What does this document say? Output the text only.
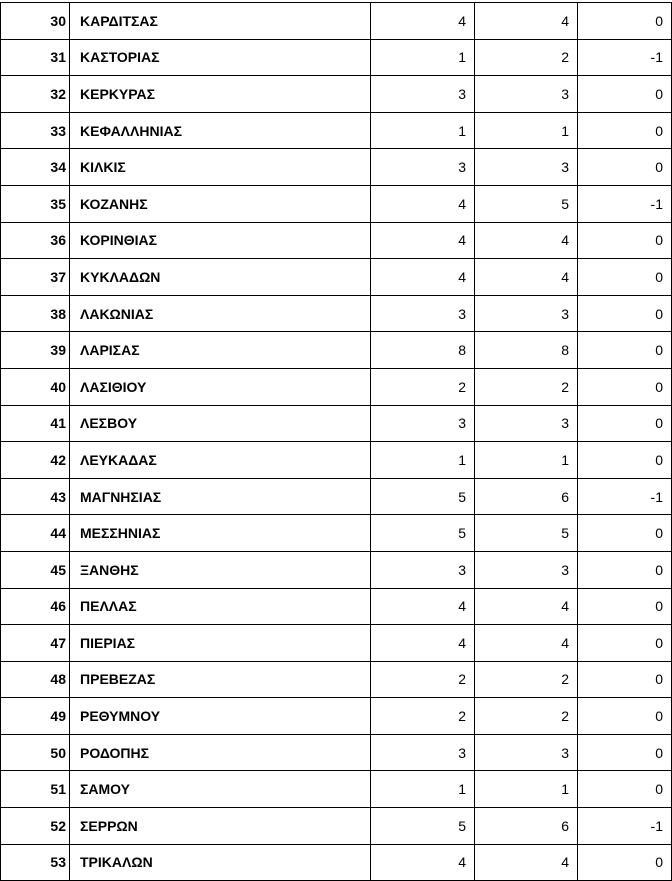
30	ΚΑΡΔΙΤΣΑΣ	4	4	0
31	ΚΑΣΤΟΡΙΑΣ	1	2	-1
32	ΚΕΡΚΥΡΑΣ	3	3	0
33	ΚΕΦΑΛΛΗΝΙΑΣ	1	1	0
34	ΚΙΛΚΙΣ	3	3	0
35	ΚΟΖΑΝΗΣ	4	5	-1
36	ΚΟΡΙΝΘΙΑΣ	4	4	0
37	ΚΥΚΛΑΔΩΝ	4	4	0
38	ΛΑΚΩΝΙΑΣ	3	3	0
39	ΛΑΡΙΣΑΣ	8	8	0
40	ΛΑΣΙΘΙΟΥ	2	2	0
41	ΛΕΣΒΟΥ	3	3	0
42	ΛΕΥΚΑΔΑΣ	1	1	0
43	ΜΑΓΝΗΣΙΑΣ	5	6	-1
44	ΜΕΣΣΗΝΙΑΣ	5	5	0
45	ΞΑΝΘΗΣ	3	3	0
46	ΠΕΛΛΑΣ	4	4	0
47	ΠΙΕΡΙΑΣ	4	4	0
48	ΠΡΕΒΕΖΑΣ	2	2	0
49	ΡΕΘΥΜΝΟΥ	2	2	0
50	ΡΟΔΟΠΗΣ	3	3	0
51	ΣΑΜΟΥ	1	1	0
52	ΣΕΡΡΩΝ	5	6	-1
53	ΤΡΙΚΑΛΩΝ	4	4	0
